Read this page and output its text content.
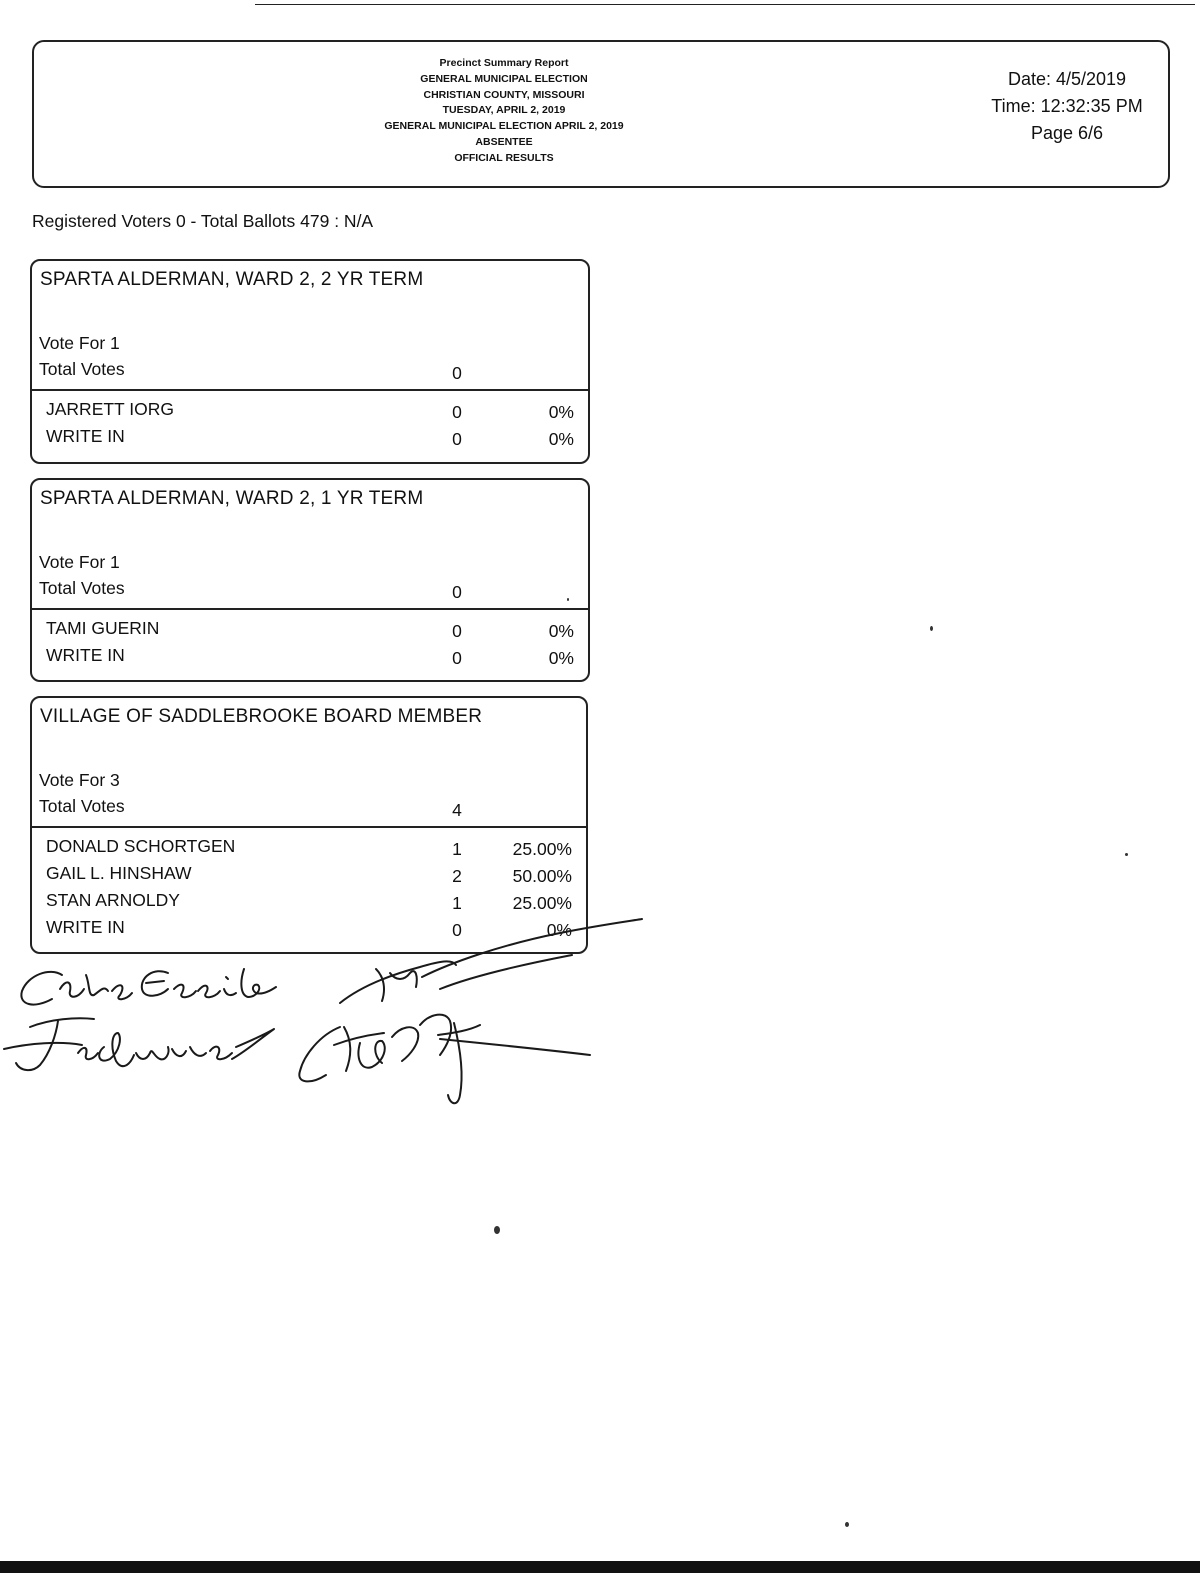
Precinct Summary Report
GENERAL MUNICIPAL ELECTION
CHRISTIAN COUNTY, MISSOURI
TUESDAY, APRIL 2, 2019
GENERAL MUNICIPAL ELECTION APRIL 2, 2019
ABSENTEE
OFFICIAL RESULTS
Date: 4/5/2019
Time: 12:32:35 PM
Page 6/6
Registered Voters 0 - Total Ballots 479 : N/A
SPARTA ALDERMAN, WARD 2, 2 YR TERM
Vote For 1
Total Votes	0
JARRETT IORG	0	0%
WRITE IN	0	0%
SPARTA ALDERMAN, WARD 2, 1 YR TERM
Vote For 1
Total Votes	0
TAMI GUERIN	0	0%
WRITE IN	0	0%
VILLAGE OF SADDLEBROOKE BOARD MEMBER
Vote For 3
Total Votes	4
DONALD SCHORTGEN	1	25.00%
GAIL L. HINSHAW	2	50.00%
STAN ARNOLDY	1	25.00%
WRITE IN	0	0%
